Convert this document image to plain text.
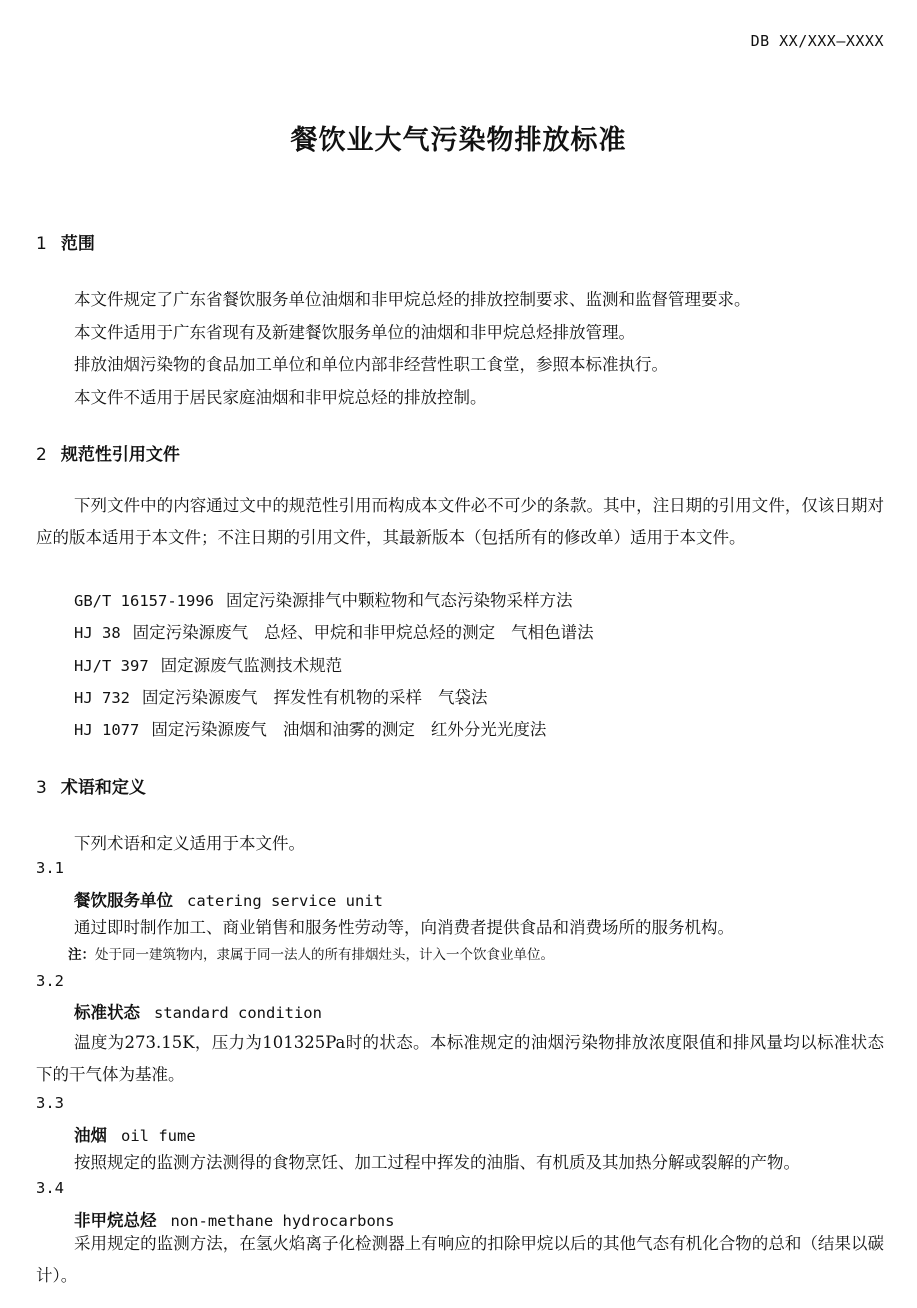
DB XX/XXX—XXXX
餐饮业大气污染物排放标准
1 范围
本文件规定了广东省餐饮服务单位油烟和非甲烷总烃的排放控制要求、监测和监督管理要求。
本文件适用于广东省现有及新建餐饮服务单位的油烟和非甲烷总烃排放管理。
排放油烟污染物的食品加工单位和单位内部非经营性职工食堂，参照本标准执行。
本文件不适用于居民家庭油烟和非甲烷总烃的排放控制。
2 规范性引用文件
下列文件中的内容通过文中的规范性引用而构成本文件必不可少的条款。其中，注日期的引用文件，仅该日期对应的版本适用于本文件；不注日期的引用文件，其最新版本（包括所有的修改单）适用于本文件。
GB/T 16157-1996 固定污染源排气中颗粒物和气态污染物采样方法
HJ 38 固定污染源废气 总烃、甲烷和非甲烷总烃的测定 气相色谱法
HJ/T 397 固定源废气监测技术规范
HJ 732 固定污染源废气 挥发性有机物的采样 气袋法
HJ 1077 固定污染源废气 油烟和油雾的测定 红外分光光度法
3 术语和定义
下列术语和定义适用于本文件。
3.1
餐饮服务单位 catering service unit
通过即时制作加工、商业销售和服务性劳动等，向消费者提供食品和消费场所的服务机构。
注：处于同一建筑物内，隶属于同一法人的所有排烟灶头，计入一个饮食业单位。
3.2
标准状态 standard condition
温度为273.15K，压力为101325Pa时的状态。本标准规定的油烟污染物排放浓度限值和排风量均以标准状态下的干气体为基准。
3.3
油烟 oil fume
按照规定的监测方法测得的食物烹饪、加工过程中挥发的油脂、有机质及其加热分解或裂解的产物。
3.4
非甲烷总烃 non-methane hydrocarbons
采用规定的监测方法，在氢火焰离子化检测器上有响应的扣除甲烷以后的其他气态有机化合物的总和（结果以碳计）。
